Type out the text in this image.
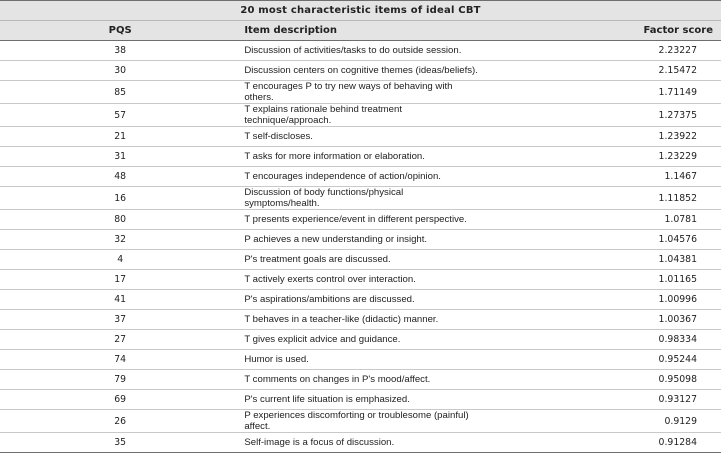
20 most characteristic items of ideal CBT		
PQS	Item description	Factor score
38	Discussion of activities/tasks to do outside session.	2.23227
30	Discussion centers on cognitive themes (ideas/beliefs).	2.15472
85	T encourages P to try new ways of behaving with others.	1.71149
57	T explains rationale behind treatment technique/approach.	1.27375
21	T self-discloses.	1.23922
31	T asks for more information or elaboration.	1.23229
48	T encourages independence of action/opinion.	1.1467
16	Discussion of body functions/physical symptoms/health.	1.11852
80	T presents experience/event in different perspective.	1.0781
32	P achieves a new understanding or insight.	1.04576
4	P's treatment goals are discussed.	1.04381
17	T actively exerts control over interaction.	1.01165
41	P's aspirations/ambitions are discussed.	1.00996
37	T behaves in a teacher-like (didactic) manner.	1.00367
27	T gives explicit advice and guidance.	0.98334
74	Humor is used.	0.95244
79	T comments on changes in P's mood/affect.	0.95098
69	P's current life situation is emphasized.	0.93127
26	P experiences discomforting or troublesome (painful) affect.	0.9129
35	Self-image is a focus of discussion.	0.91284
